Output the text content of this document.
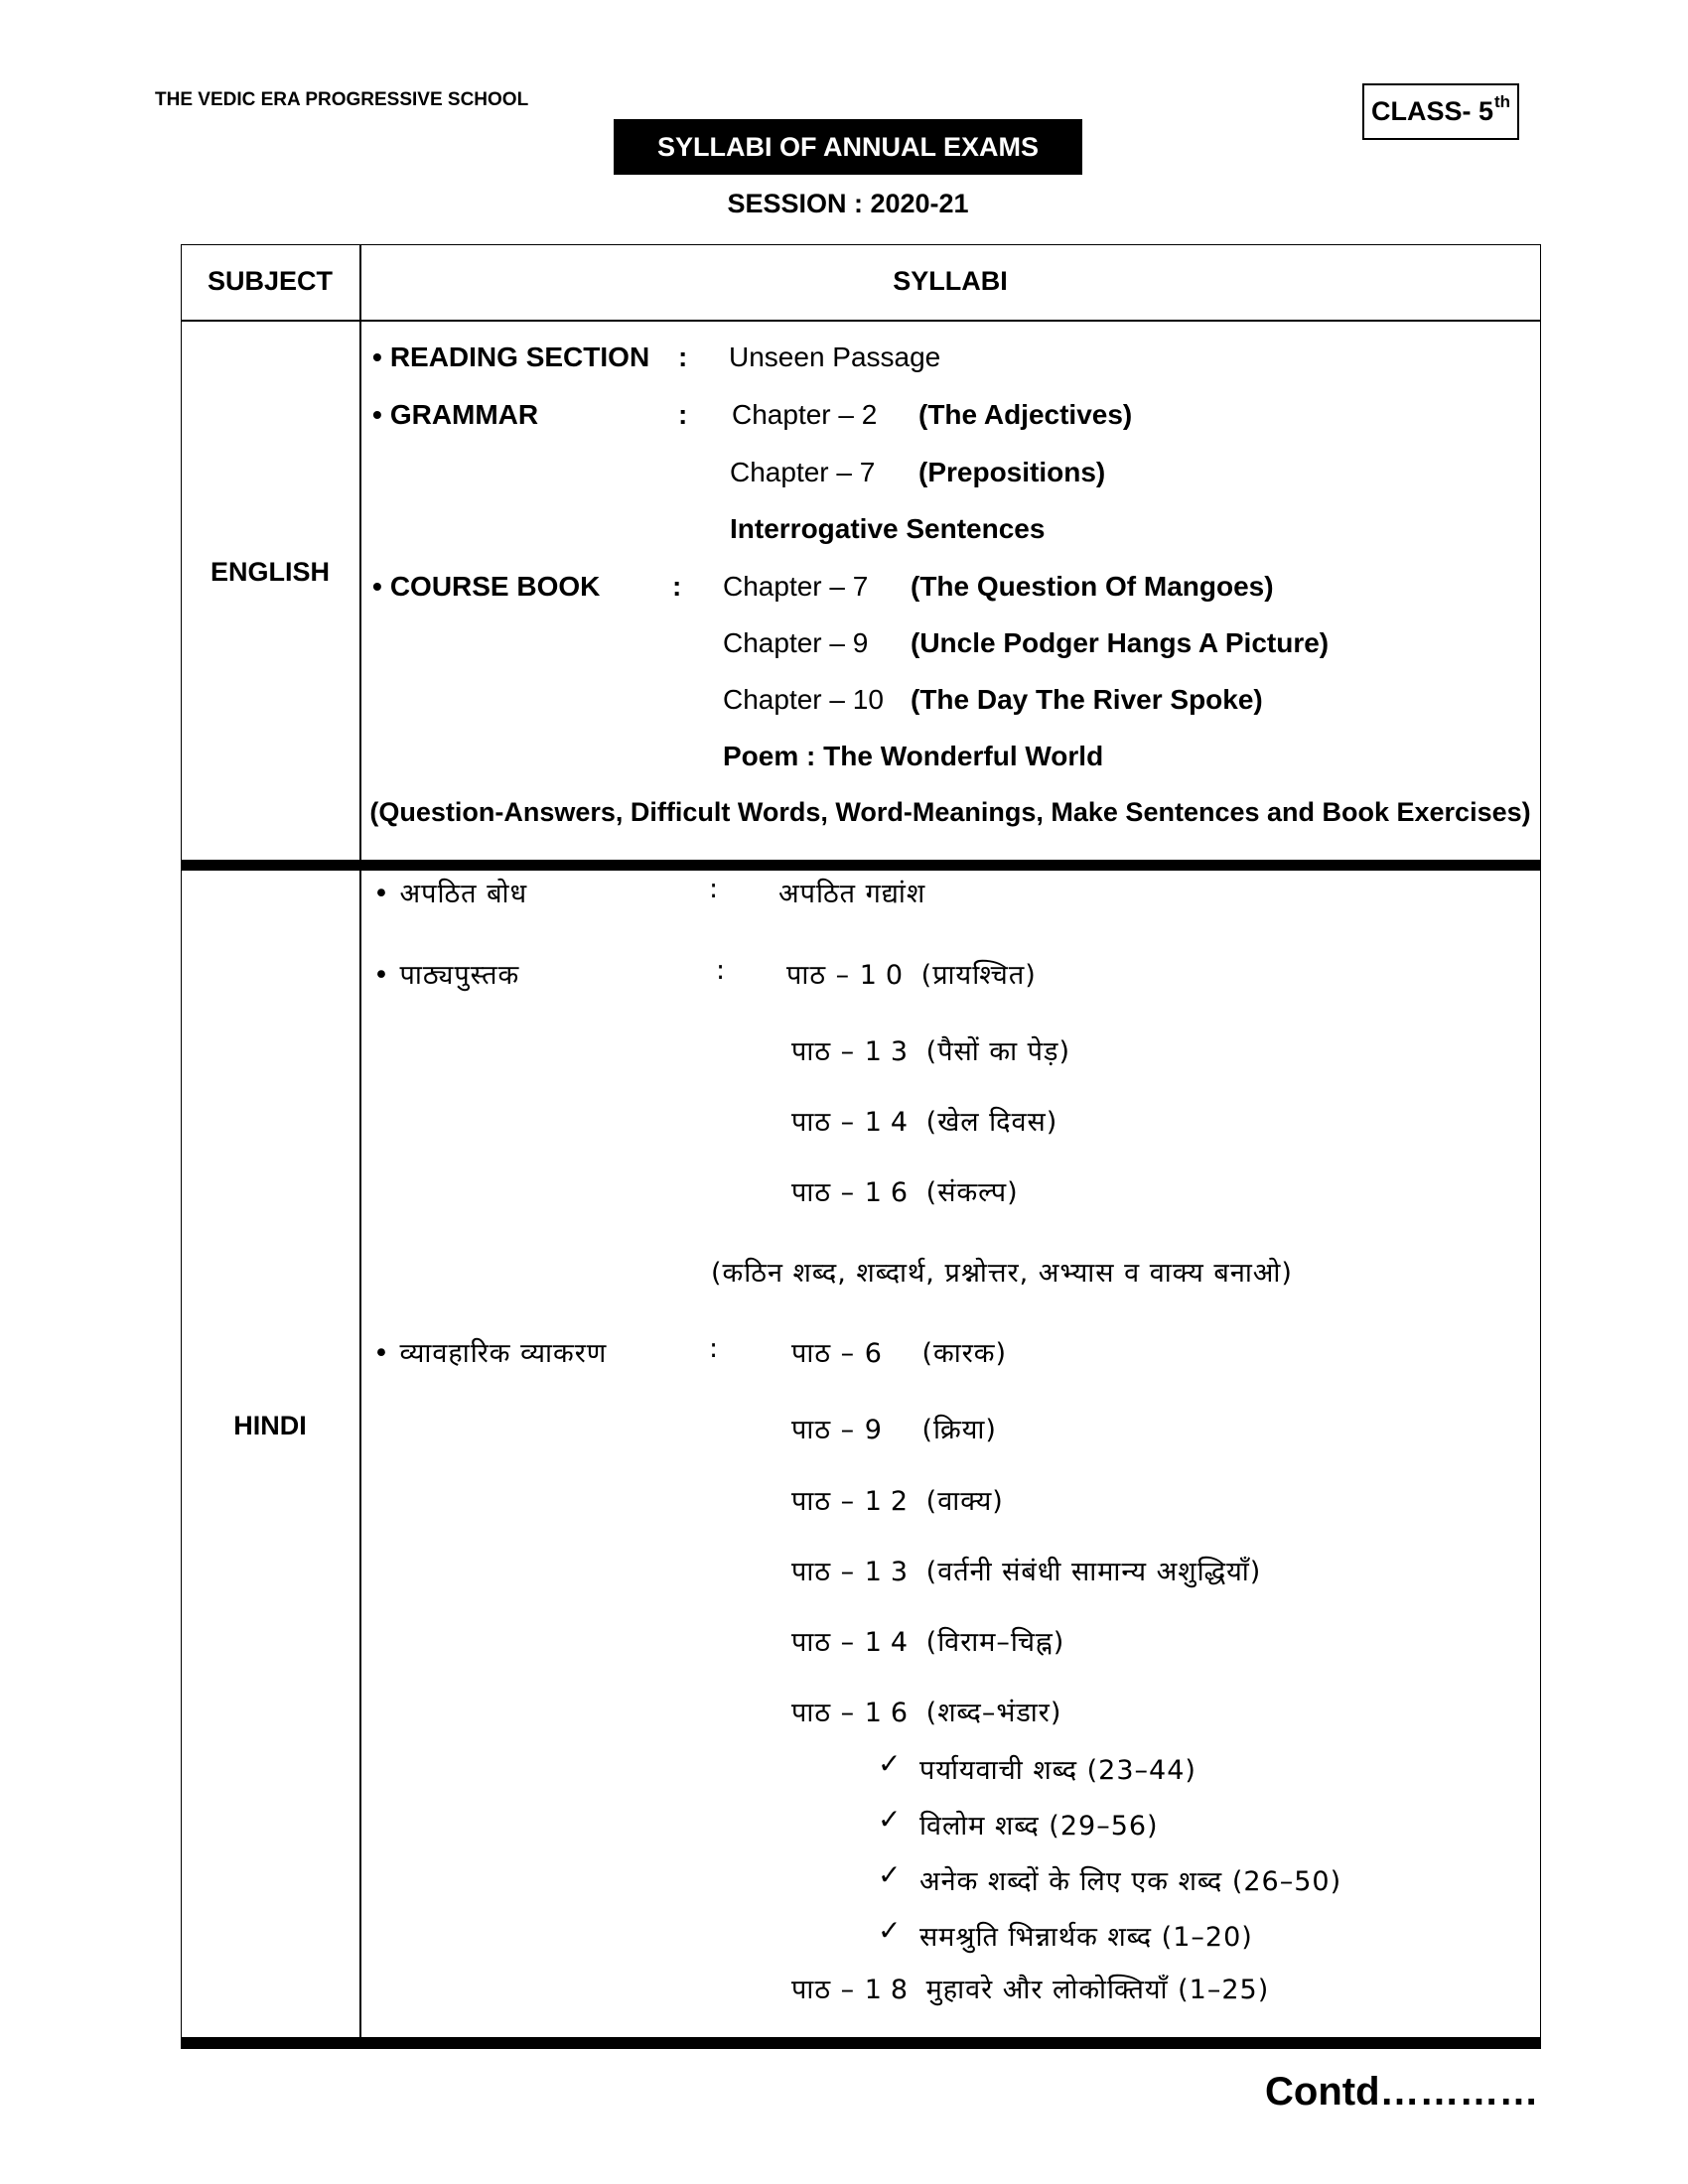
THE VEDIC ERA PROGRESSIVE SCHOOL	CLASS- 5th
SYLLABI OF ANNUAL EXAMS
SESSION : 2020-21
SUBJECT	SYLLABI
ENGLISH
• READING SECTION : Unseen Passage
• GRAMMAR	: Chapter – 2 (The Adjectives)
Chapter – 7 (Prepositions)
Interrogative Sentences
• COURSE BOOK	: Chapter – 7 (The Question Of Mangoes)
Chapter – 9 (Uncle Podger Hangs A Picture)
Chapter – 10 (The Day The River Spoke)
Poem : The Wonderful World
(Question-Answers, Difficult Words, Word-Meanings, Make Sentences and Book Exercises)
HINDI
• अपठित बोध	: अपठित गद्यांश
• पाठ्यपुस्तक	: पाठ – 10 (प्रायश्चित)
पाठ – 13 (पैसों का पेड़)
पाठ – 14 (खेल दिवस)
पाठ – 16 (संकल्प)
(कठिन शब्द, शब्दार्थ, प्रश्नोत्तर, अभ्यास व वाक्य बनाओ)
• व्यावहारिक व्याकरण	:	पाठ – 6 (कारक)
पाठ – 9 (क्रिया)
पाठ – 12 (वाक्य)
पाठ – 13 (वर्तनी संबंधी सामान्य अशुद्धियाँ)
पाठ – 14 (विराम–चिह्न)
पाठ – 16 (शब्द–भंडार)
✓ पर्यायवाची शब्द (23–44)
✓ विलोम शब्द (29–56)
✓ अनेक शब्दों के लिए एक शब्द (26–50)
✓ समश्रुति भिन्नार्थक शब्द (1–20)
पाठ – 18 मुहावरे और लोकोक्तियाँ (1–25)
Contd…………
